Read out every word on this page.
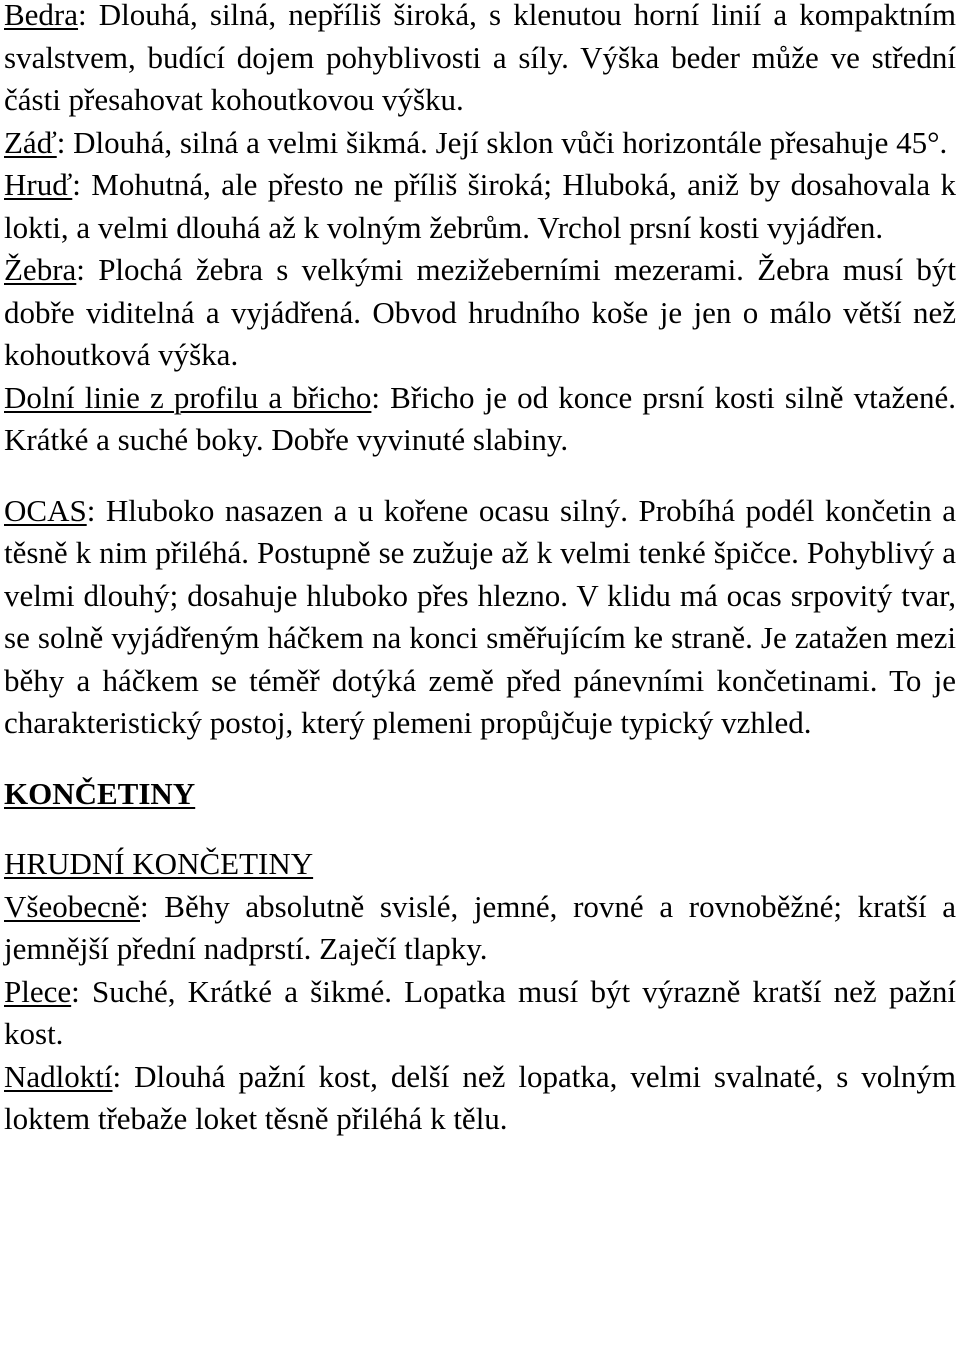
Bedra: Dlouhá, silná, nepříliš široká, s klenutou horní linií a kompaktním svalstvem, budící dojem pohyblivosti a síly. Výška beder může ve střední části přesahovat kohoutkovou výšku.

Záď: Dlouhá, silná a velmi šikmá. Její sklon vůči horizontále přesahuje 45°.

Hruď: Mohutná, ale přesto ne příliš široká; Hluboká, aniž by dosahovala k lokti, a velmi dlouhá až k volným žebrům. Vrchol prsní kosti vyjádřen.

Žebra: Plochá žebra s velkými mezižeberními mezerami. Žebra musí být dobře viditelná a vyjádřená. Obvod hrudního koše je jen o málo větší než kohoutková výška.

Dolní linie z profilu a břicho: Břicho je od konce prsní kosti silně vtažené. Krátké a suché boky. Dobře vyvinuté slabiny.

OCAS: Hluboko nasazen a u kořene ocasu silný. Probíhá podél končetin a těsně k nim přiléhá. Postupně se zužuje až k velmi tenké špičce. Pohyblivý a velmi dlouhý; dosahuje hluboko přes hlezno. V klidu má ocas srpovitý tvar, se solně vyjádřeným háčkem na konci směřujícím ke straně. Je zatažen mezi běhy a háčkem se téměř dotýká země před pánevními končetinami. To je charakteristický postoj, který plemeni propůjčuje typický vzhled.

KONČETINY
HRUDNÍ KONČETINY

Všeobecně: Běhy absolutně svislé, jemné, rovné a rovnoběžné; kratší a jemnější přední nadprstí. Zaječí tlapky.

Plece: Suché, Krátké a šikmé. Lopatka musí být výrazně kratší než pažní kost.

Nadloktí: Dlouhá pažní kost, delší než lopatka, velmi svalnaté, s volným loktem třebaže loket těsně přiléhá k tělu.
